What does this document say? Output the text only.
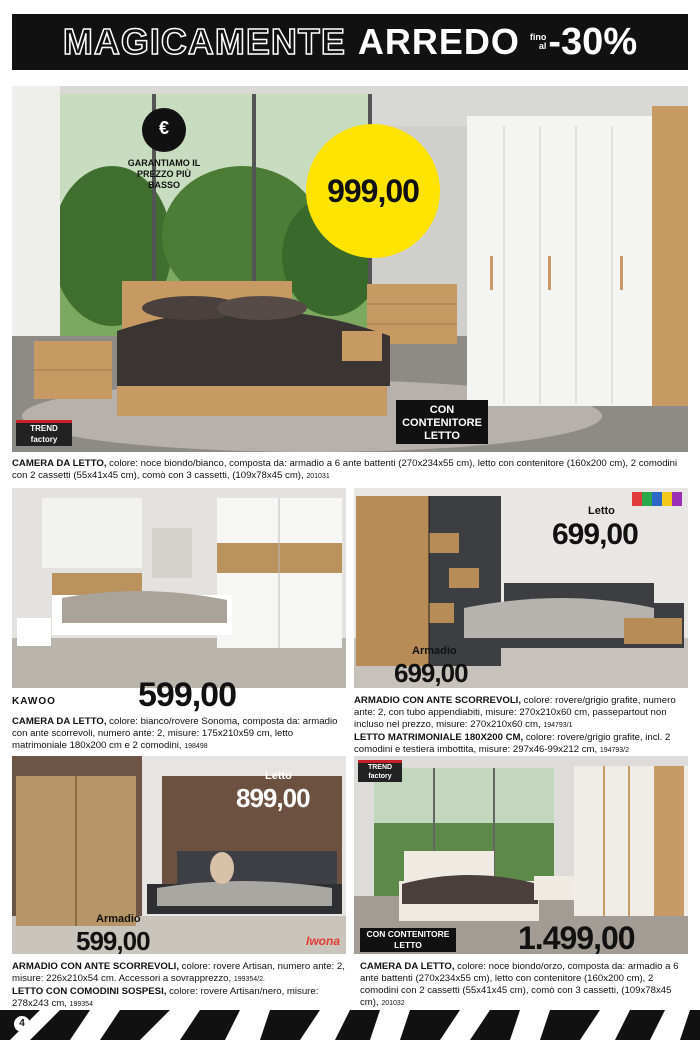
MAGICAMENTE ARREDO fino
al -30%
€
GARANTIAMO IL PREZZO PIÙ BASSO	999,00
TREND
factory
CON
CONTENITORE
LETTO
CAMERA DA LETTO, colore: noce biondo/bianco, composta da: armadio a 6 ante battenti (270x234x55 cm), letto con contenitore (160x200 cm), 2 comodini con 2 cassetti (55x41x45 cm), comò con 3 cassetti, (109x78x45 cm), 201031
KAWOO 599,00
CAMERA DA LETTO, colore: bianco/rovere Sonoma, composta da: armadio con ante scorrevoli, numero ante: 2, misure: 175x210x59 cm, letto matrimoniale 180x200 cm e 2 comodini, 198498
Letto
699,00
Armadio
699,00
ARMADIO CON ANTE SCORREVOLI, colore: rovere/grigio grafite, numero ante: 2, con tubo appendiabiti, misure: 270x210x60 cm, passepartout non incluso nel prezzo, misure: 270x210x60 cm, 194793/1
LETTO MATRIMONIALE 180X200 CM, colore: rovere/grigio grafite, incl. 2 comodini e testiera imbottita, misure: 297x46-99x212 cm, 194793/2
Iwona
Letto
899,00
Armadio
599,00
ARMADIO CON ANTE SCORREVOLI, colore: rovere Artisan, numero ante: 2, misure: 226x210x54 cm. Accessori a sovrapprezzo, 199354/2.
LETTO CON COMODINI SOSPESI, colore: rovere Artisan/nero, misure: 278x243 cm, 199354
TREND
factory
CON CONTENITORE LETTO	1.499,00
CAMERA DA LETTO, colore: noce biondo/orzo, composta da: armadio a 6 ante battenti (270x234x55 cm), letto con contenitore (160x200 cm), 2 comodini con 2 cassetti (55x41x45 cm), comò con 3 cassetti, (109x78x45 cm), 201032
4
